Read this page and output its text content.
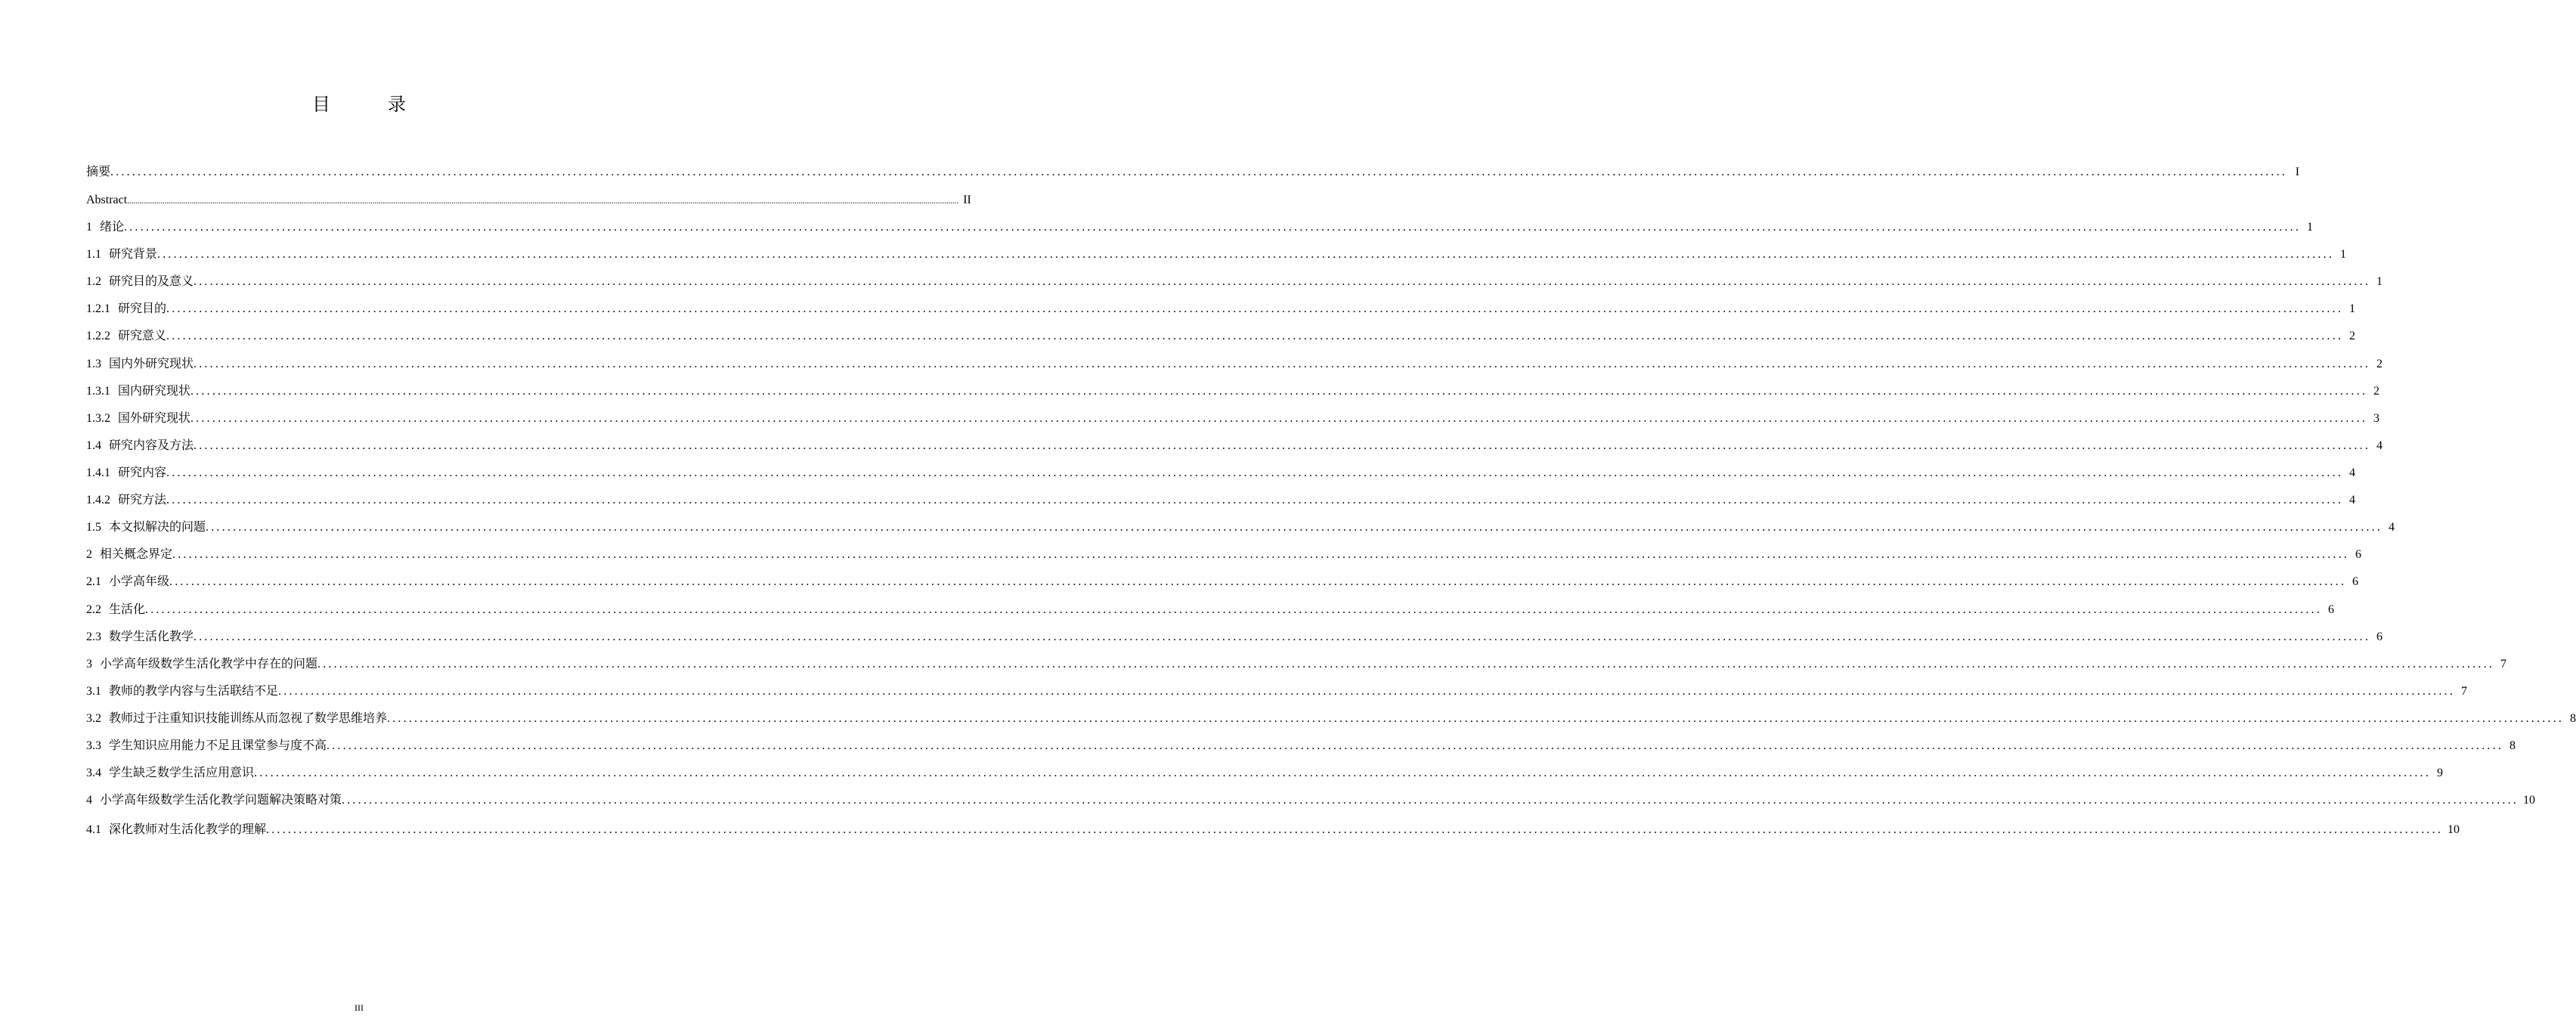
目　录
摘要 ................................................................................................................................................................................................................................................................................................................................................................................................................ I
Abstract ................................................................................................................................................................................................................................................................................................................................................................................................................ II
1 绪论 ................................................................................................................................................................................................................................................................................................................................................................................................................ 1
1.1 研究背景 ................................................................................................................................................................................................................................................................................................................................................................................................................ 1
1.2 研究目的及意义 ................................................................................................................................................................................................................................................................................................................................................................................................................ 1
1.2.1 研究目的 ................................................................................................................................................................................................................................................................................................................................................................................................................ 1
1.2.2 研究意义 ................................................................................................................................................................................................................................................................................................................................................................................................................ 2
1.3 国内外研究现状 ................................................................................................................................................................................................................................................................................................................................................................................................................ 2
1.3.1 国内研究现状 ................................................................................................................................................................................................................................................................................................................................................................................................................ 2
1.3.2 国外研究现状 ................................................................................................................................................................................................................................................................................................................................................................................................................ 3
1.4 研究内容及方法 ................................................................................................................................................................................................................................................................................................................................................................................................................ 4
1.4.1 研究内容 ................................................................................................................................................................................................................................................................................................................................................................................................................ 4
1.4.2 研究方法 ................................................................................................................................................................................................................................................................................................................................................................................................................ 4
1.5 本文拟解决的问题 ................................................................................................................................................................................................................................................................................................................................................................................................................ 4
2 相关概念界定 ................................................................................................................................................................................................................................................................................................................................................................................................................ 6
2.1 小学高年级 ................................................................................................................................................................................................................................................................................................................................................................................................................ 6
2.2 生活化 ................................................................................................................................................................................................................................................................................................................................................................................................................ 6
2.3 数学生活化教学 ................................................................................................................................................................................................................................................................................................................................................................................................................ 6
3 小学高年级数学生活化教学中存在的问题 ................................................................................................................................................................................................................................................................................................................................................................................................................ 7
3.1 教师的教学内容与生活联结不足 ................................................................................................................................................................................................................................................................................................................................................................................................................ 7
3.2 教师过于注重知识技能训练从而忽视了数学思维培养 ................................................................................................................................................................................................................................................................................................................................................................................................................ 8
3.3 学生知识应用能力不足且课堂参与度不高 ................................................................................................................................................................................................................................................................................................................................................................................................................ 8
3.4 学生缺乏数学生活应用意识 ................................................................................................................................................................................................................................................................................................................................................................................................................ 9
4 小学高年级数学生活化教学问题解决策略对策 ................................................................................................................................................................................................................................................................................................................................................................................................................ 10
4.1 深化教师对生活化教学的理解 ................................................................................................................................................................................................................................................................................................................................................................................................................ 10
III
